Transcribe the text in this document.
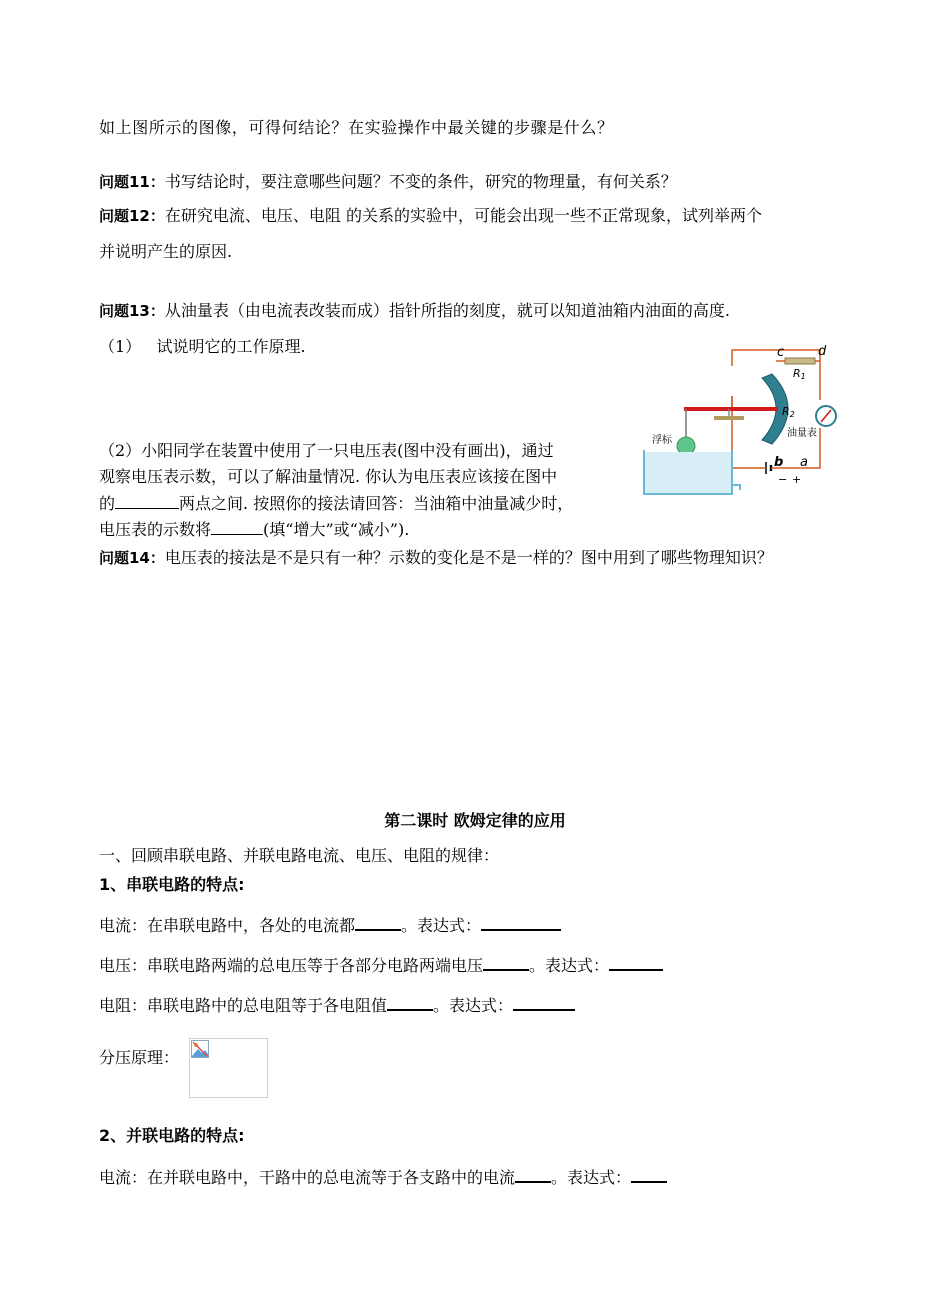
如上图所示的图像，可得何结论？在实验操作中最关键的步骤是什么？
问题11：书写结论时，要注意哪些问题？不变的条件，研究的物理量，有何关系？
问题12：在研究电流、电压、电阻 的关系的实验中，可能会出现一些不正常现象，试列举两个
并说明产生的原因.
问题13：从油量表（由电流表改装而成）指针所指的刻度，就可以知道油箱内油面的高度.
（1）   试说明它的工作原理.
（2）小阳同学在装置中使用了一只电压表(图中没有画出)，通过
观察电压表示数，可以了解油量情况. 你认为电压表应该接在图中
的	两点之间. 按照你的接法请回答：当油箱中油量减少时，
电压表的示数将	(填“增大”或“减小”).
c	d
R1
R2
浮标
油量表
b a
− +
问题14：电压表的接法是不是只有一种？示数的变化是不是一样的？图中用到了哪些物理知识？
第二课时 欧姆定律的应用
一、回顾串联电路、并联电路电流、电压、电阻的规律：
1、串联电路的特点:
电流：在串联电路中，各处的电流都	。表达式：
电压：串联电路两端的总电压等于各部分电路两端电压	。表达式：
电阻：串联电路中的总电阻等于各电阻值	。表达式：
分压原理：
2、并联电路的特点:
电流：在并联电路中，干路中的总电流等于各支路中的电流 。表达式：
